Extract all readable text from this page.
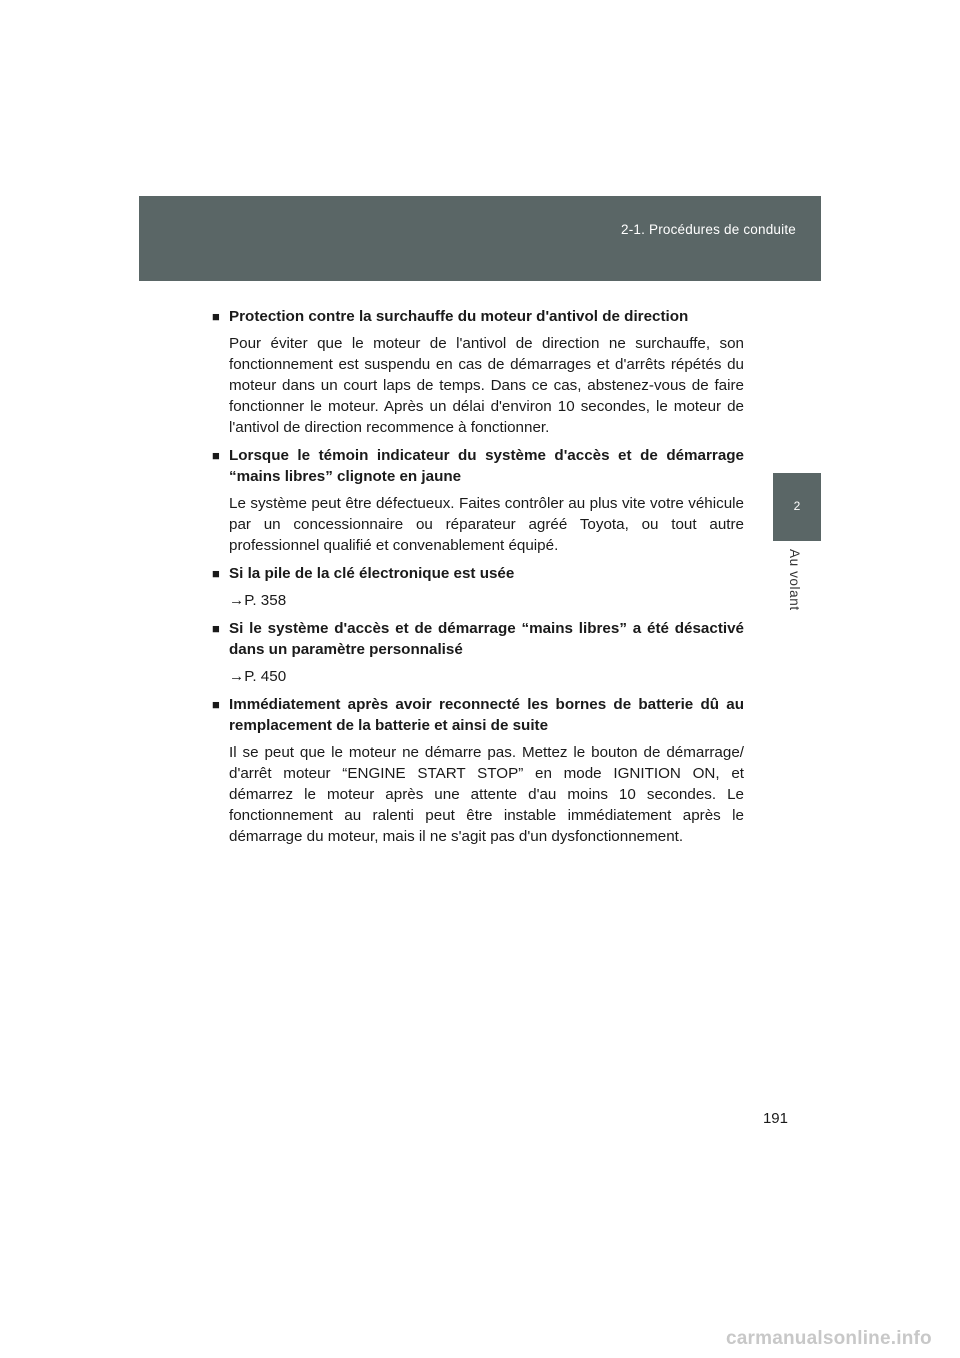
2-1. Procédures de conduite
2
Au volant
■ Protection contre la surchauffe du moteur d'antivol de direction

Pour éviter que le moteur de l'antivol de direction ne surchauffe, son fonctionnement est suspendu en cas de démarrages et d'arrêts répétés du moteur dans un court laps de temps. Dans ce cas, abstenez-vous de faire fonctionner le moteur. Après un délai d'environ 10 secondes, le moteur de l'antivol de direction recommence à fonctionner.

■ Lorsque le témoin indicateur du système d'accès et de démarrage “mains libres” clignote en jaune

Le système peut être défectueux. Faites contrôler au plus vite votre véhicule par un concessionnaire ou réparateur agréé Toyota, ou tout autre professionnel qualifié et convenablement équipé.

■ Si la pile de la clé électronique est usée

→P. 358

■ Si le système d'accès et de démarrage “mains libres” a été désactivé dans un paramètre personnalisé

→P. 450

■ Immédiatement après avoir reconnecté les bornes de batterie dû au remplacement de la batterie et ainsi de suite

Il se peut que le moteur ne démarre pas. Mettez le bouton de démarrage/ d'arrêt moteur “ENGINE START STOP” en mode IGNITION ON, et démarrez le moteur après une attente d'au moins 10 secondes. Le fonctionnement au ralenti peut être instable immédiatement après le démarrage du moteur, mais il ne s'agit pas d'un dysfonctionnement.

191
carmanualsonline.info
